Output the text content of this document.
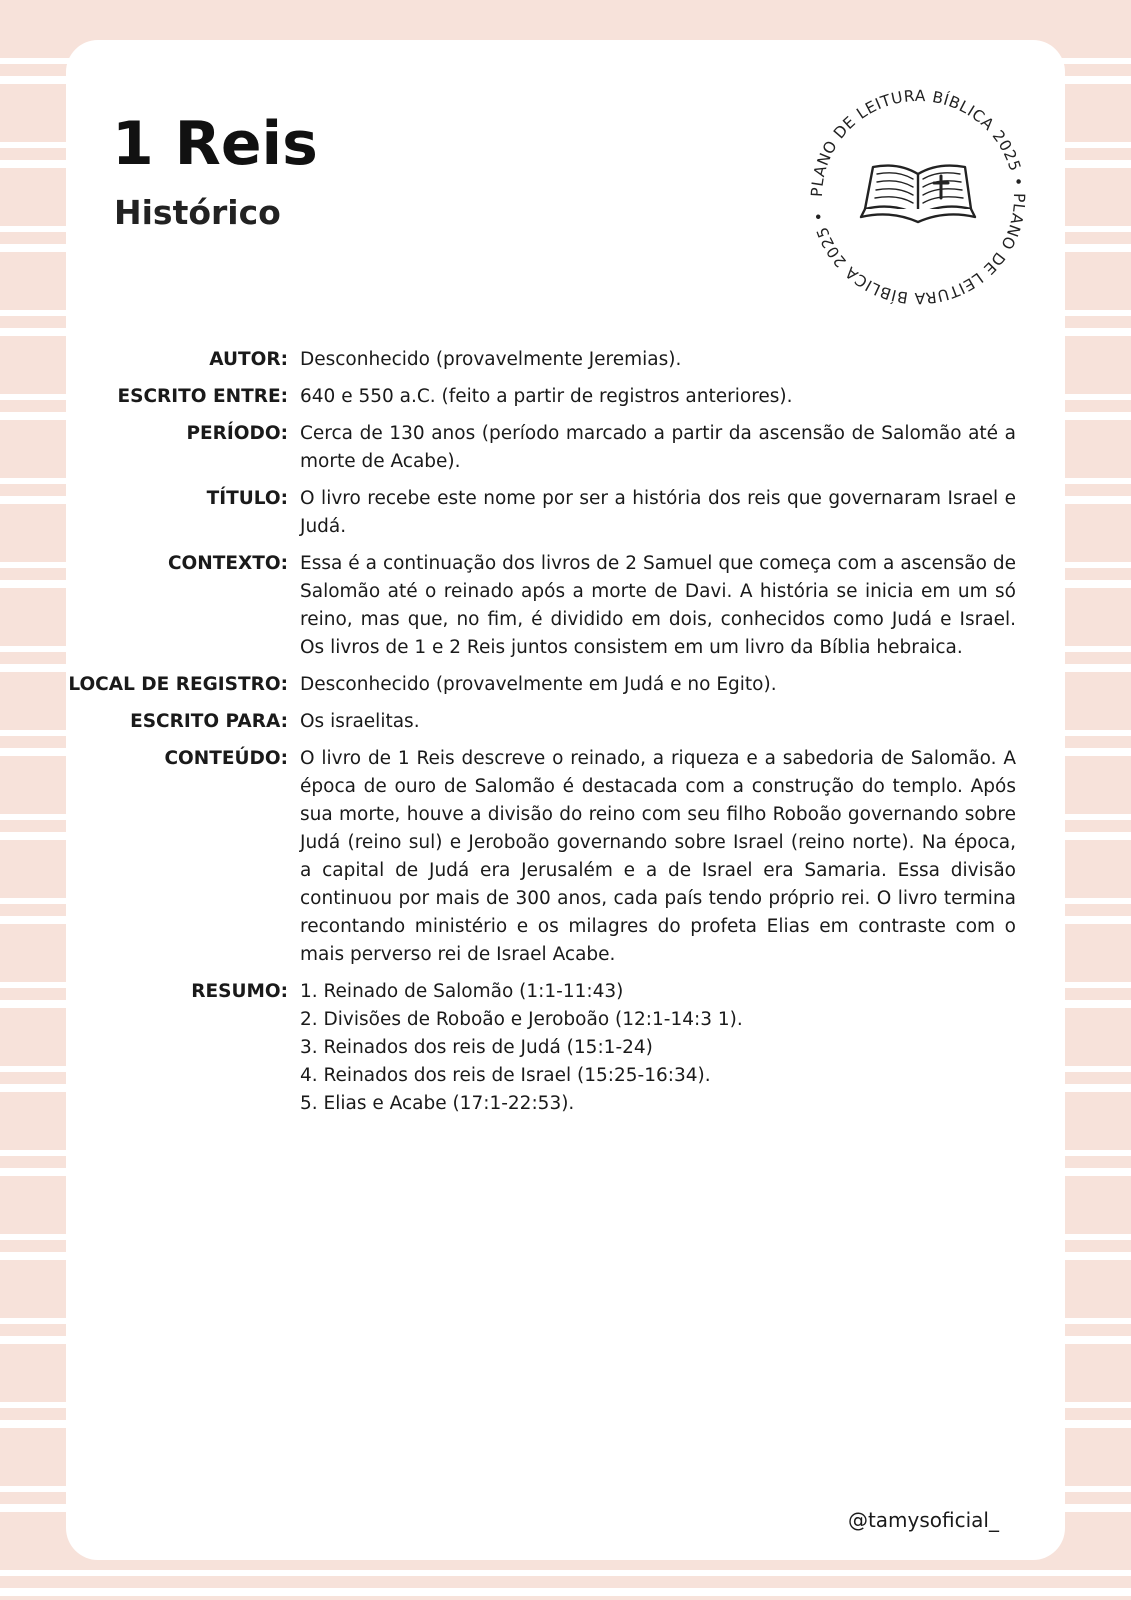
1 Reis
Histórico
PLANO DE LEITURA BÍBLICA 2025 • PLANO DE LEITURA BÍBLICA 2025 •
AUTOR: Desconhecido (provavelmente Jeremias).
ESCRITO ENTRE: 640 e 550 a.C. (feito a partir de registros anteriores).
PERÍODO: Cerca de 130 anos (período marcado a partir da ascensão de Salomão até a morte de Acabe).
TÍTULO: O livro recebe este nome por ser a história dos reis que governaram Israel e Judá.
CONTEXTO: Essa é a continuação dos livros de 2 Samuel que começa com a ascensão de Salomão até o reinado após a morte de Davi. A história se inicia em um só reino, mas que, no fim, é dividido em dois, conhecidos como Judá e Israel. Os livros de 1 e 2 Reis juntos consistem em um livro da Bíblia hebraica.
LOCAL DE REGISTRO: Desconhecido (provavelmente em Judá e no Egito).
ESCRITO PARA: Os israelitas.
CONTEÚDO: O livro de 1 Reis descreve o reinado, a riqueza e a sabedoria de Salomão. A época de ouro de Salomão é destacada com a construção do templo. Após sua morte, houve a divisão do reino com seu filho Roboão governando sobre Judá (reino sul) e Jeroboão governando sobre Israel (reino norte). Na época, a capital de Judá era Jerusalém e a de Israel era Samaria. Essa divisão continuou por mais de 300 anos, cada país tendo próprio rei. O livro termina recontando ministério e os milagres do profeta Elias em contraste com o mais perverso rei de Israel Acabe.
RESUMO: 1. Reinado de Salomão (1:1-11:43)
2. Divisões de Roboão e Jeroboão (12:1-14:3 1).
3. Reinados dos reis de Judá (15:1-24)
4. Reinados dos reis de Israel (15:25-16:34).
5. Elias e Acabe (17:1-22:53).
@tamysoficial_
